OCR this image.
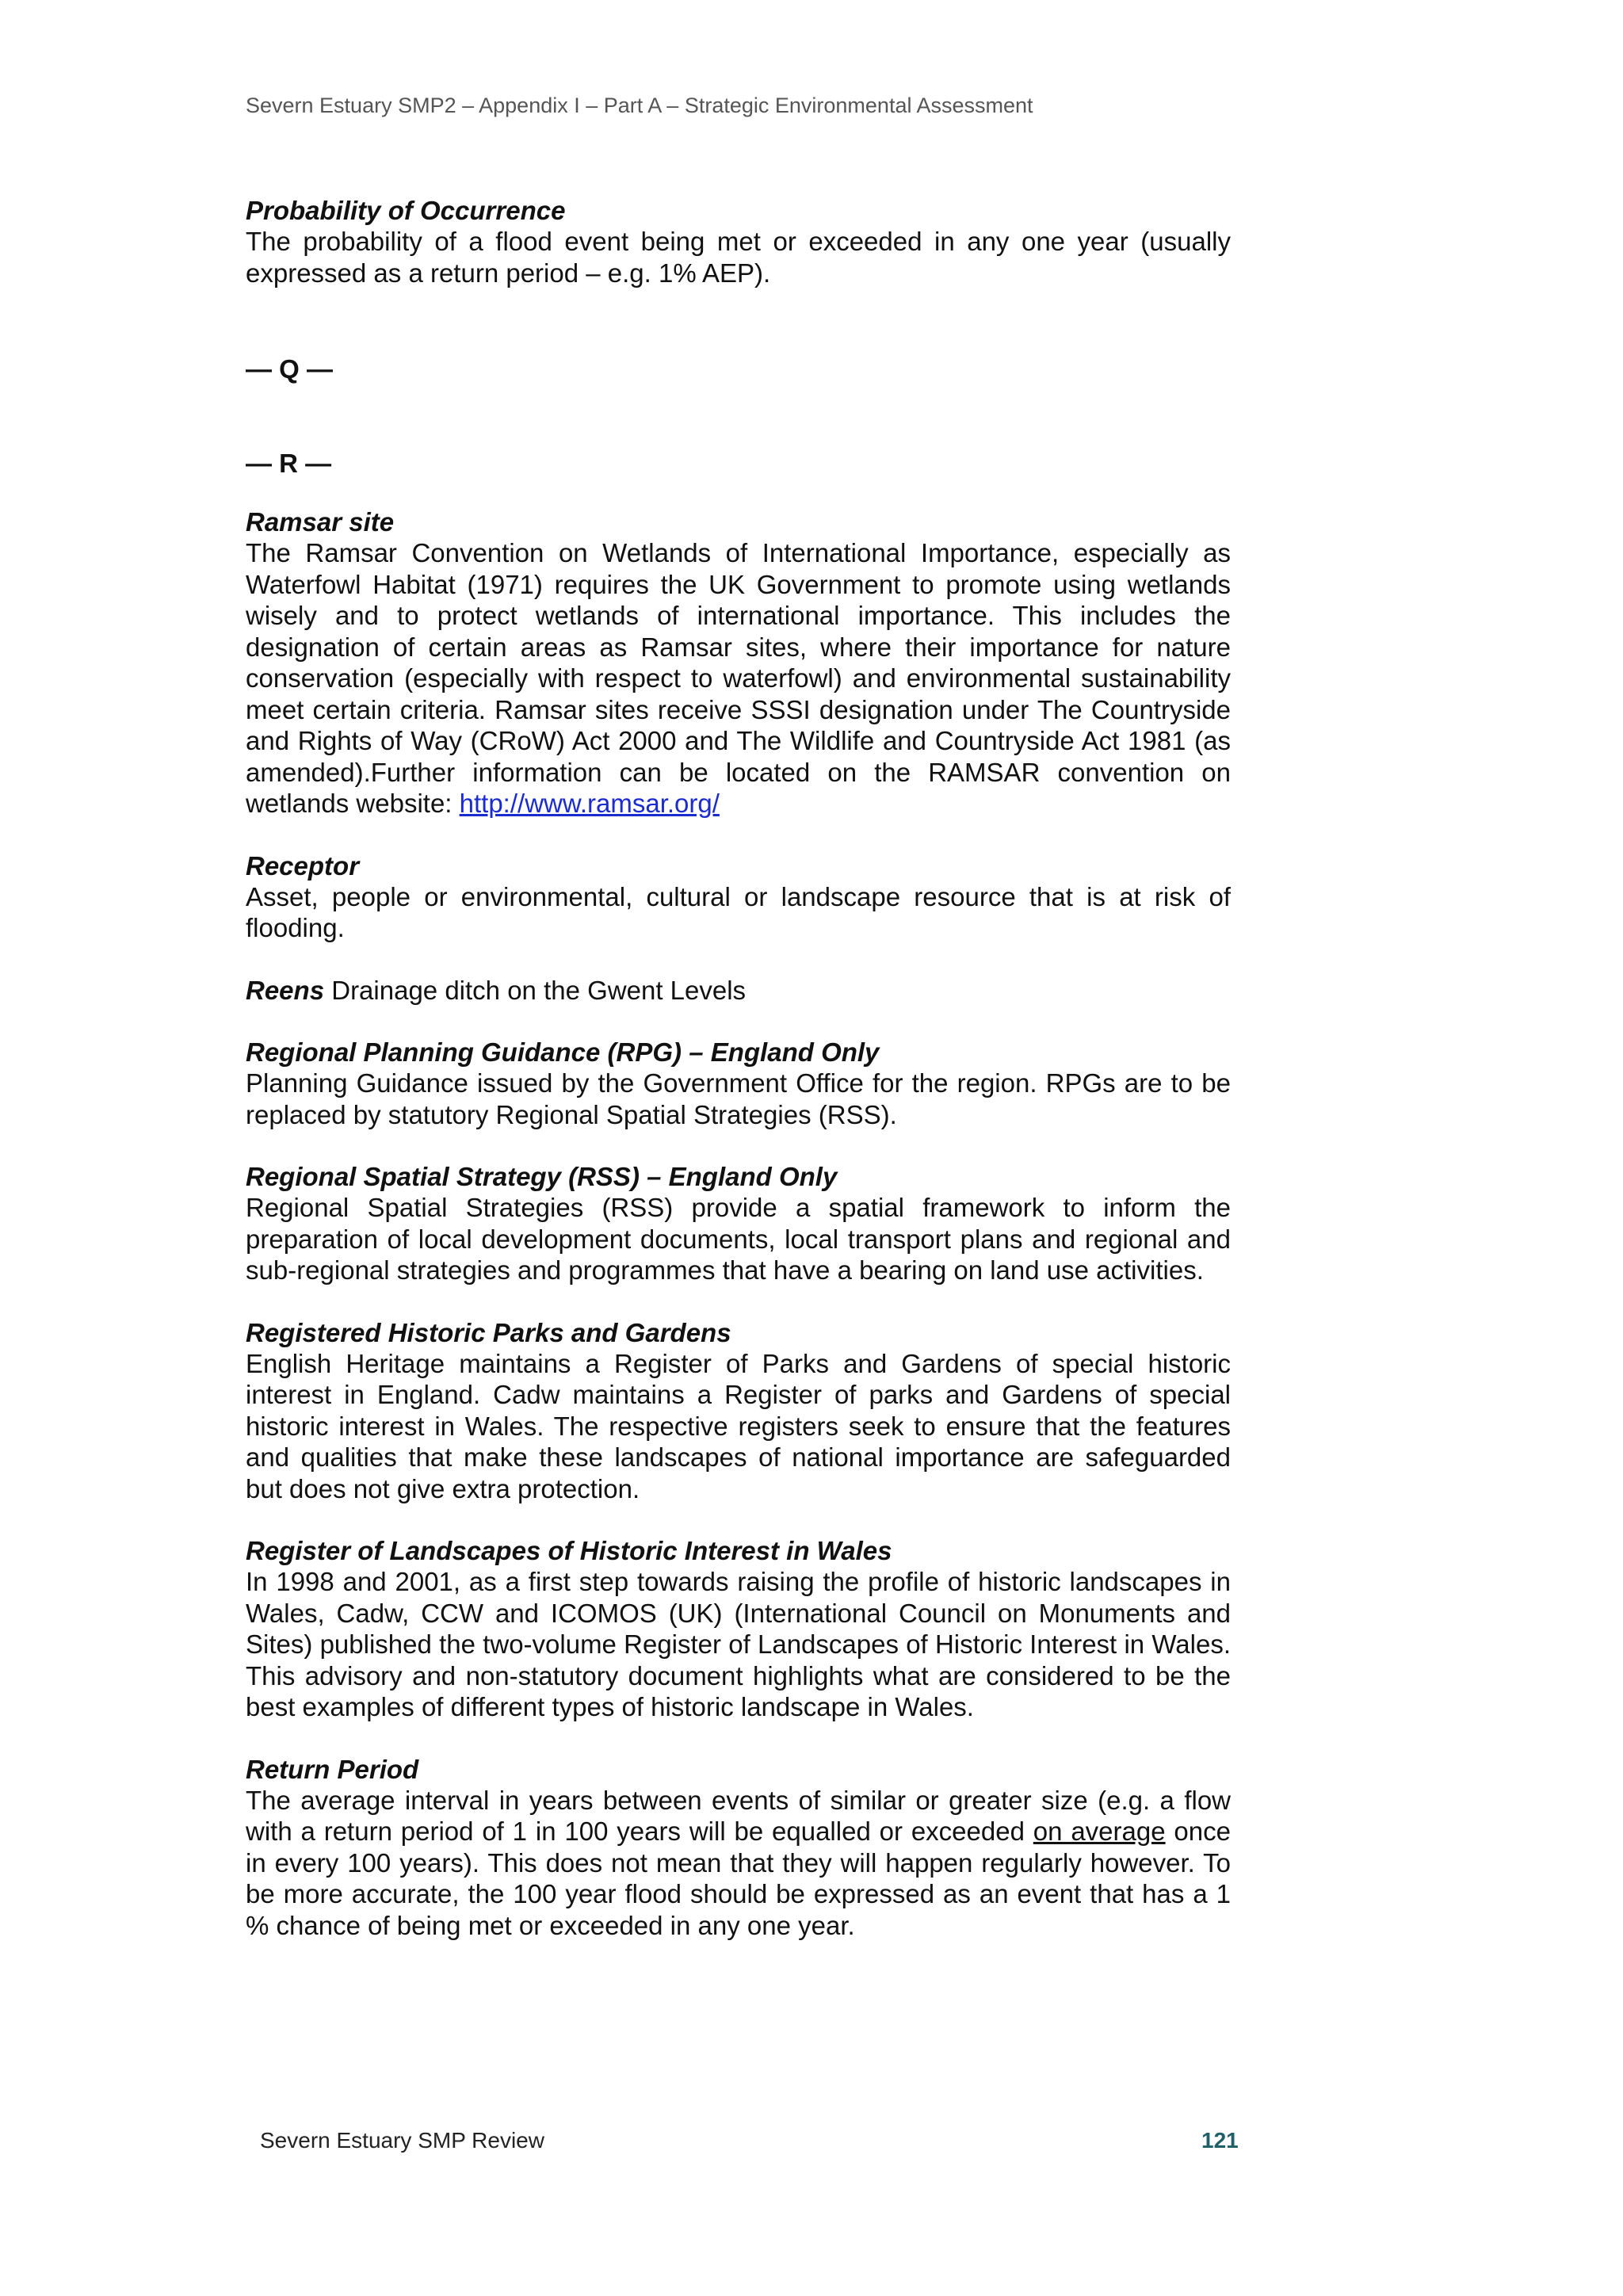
Severn Estuary SMP2 – Appendix I – Part A – Strategic Environmental Assessment
Probability of Occurrence
The probability of a flood event being met or exceeded in any one year (usually expressed as a return period – e.g. 1% AEP).
— Q —
— R —
Ramsar site
The Ramsar Convention on Wetlands of International Importance, especially as Waterfowl Habitat (1971) requires the UK Government to promote using wetlands wisely and to protect wetlands of international importance. This includes the designation of certain areas as Ramsar sites, where their importance for nature conservation (especially with respect to waterfowl) and environmental sustainability meet certain criteria. Ramsar sites receive SSSI designation under The Countryside and Rights of Way (CRoW) Act 2000 and The Wildlife and Countryside Act 1981 (as amended).Further information can be located on the RAMSAR convention on wetlands website: http://www.ramsar.org/
Receptor
Asset, people or environmental, cultural or landscape resource that is at risk of flooding.
Reens Drainage ditch on the Gwent Levels
Regional Planning Guidance (RPG) – England Only
Planning Guidance issued by the Government Office for the region. RPGs are to be replaced by statutory Regional Spatial Strategies (RSS).
Regional Spatial Strategy (RSS) – England Only
Regional Spatial Strategies (RSS) provide a spatial framework to inform the preparation of local development documents, local transport plans and regional and sub-regional strategies and programmes that have a bearing on land use activities.
Registered Historic Parks and Gardens
English Heritage maintains a Register of Parks and Gardens of special historic interest in England. Cadw maintains a Register of parks and Gardens of special historic interest in Wales. The respective registers seek to ensure that the features and qualities that make these landscapes of national importance are safeguarded but does not give extra protection.
Register of Landscapes of Historic Interest in Wales
In 1998 and 2001, as a first step towards raising the profile of historic landscapes in Wales, Cadw, CCW and ICOMOS (UK) (International Council on Monuments and Sites) published the two-volume Register of Landscapes of Historic Interest in Wales. This advisory and non-statutory document highlights what are considered to be the best examples of different types of historic landscape in Wales.
Return Period
The average interval in years between events of similar or greater size (e.g. a flow with a return period of 1 in 100 years will be equalled or exceeded on average once in every 100 years). This does not mean that they will happen regularly however. To be more accurate, the 100 year flood should be expressed as an event that has a 1 % chance of being met or exceeded in any one year.
Severn Estuary SMP Review	121
